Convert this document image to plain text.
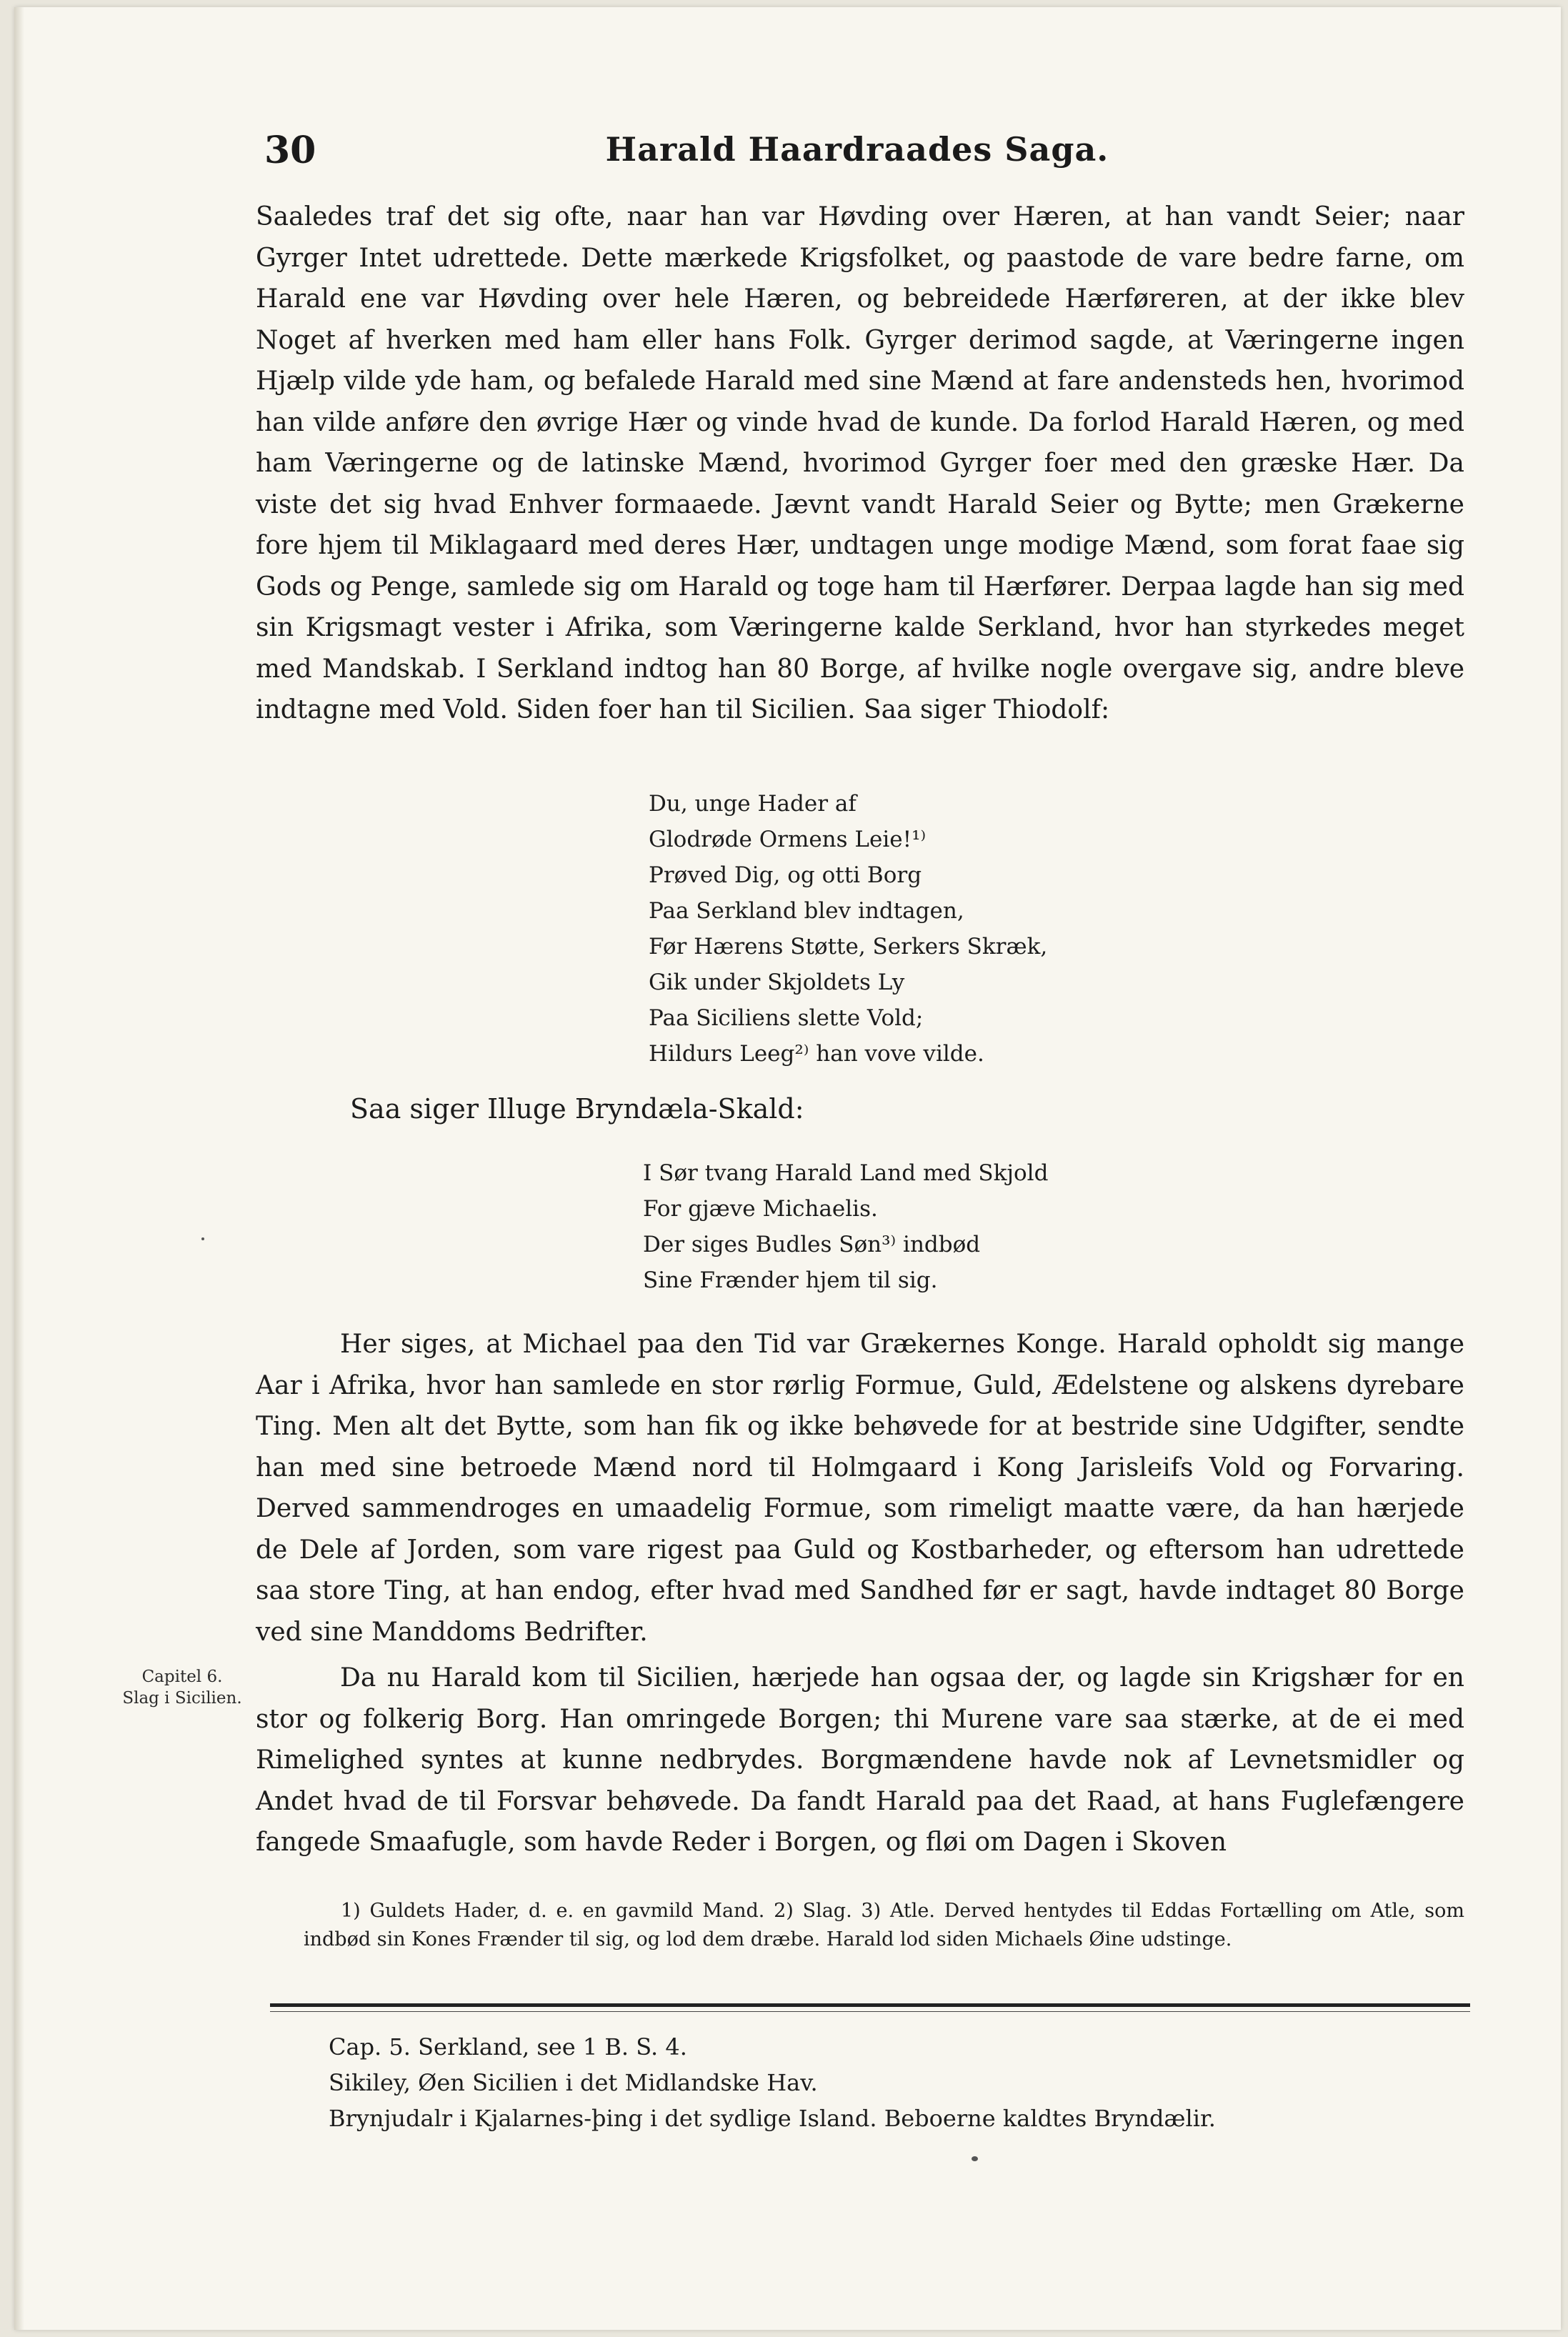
30	Harald Haardraades Saga.
Saaledes traf det sig ofte, naar han var Høvding over Hæren, at han vandt Seier; naar Gyrger Intet udrettede. Dette mærkede Krigsfolket, og paastode de vare bedre farne, om Harald ene var Høvding over hele Hæren, og bebreidede Hærføreren, at der ikke blev Noget af hverken med ham eller hans Folk. Gyrger derimod sagde, at Væringerne ingen Hjælp vilde yde ham, og befalede Harald med sine Mænd at fare andensteds hen, hvorimod han vilde anføre den øvrige Hær og vinde hvad de kunde. Da forlod Harald Hæren, og med ham Væringerne og de latinske Mænd, hvorimod Gyrger foer med den græske Hær. Da viste det sig hvad Enhver formaaede. Jævnt vandt Harald Seier og Bytte; men Grækerne fore hjem til Miklagaard med deres Hær, undtagen unge modige Mænd, som forat faae sig Gods og Penge, samlede sig om Harald og toge ham til Hærfører. Derpaa lagde han sig med sin Krigsmagt vester i Afrika, som Væringerne kalde Serkland, hvor han styrkedes meget med Mandskab. I Serkland indtog han 80 Borge, af hvilke nogle overgave sig, andre bleve indtagne med Vold. Siden foer han til Sicilien. Saa siger Thiodolf:
Du, unge Hader af
Glodrøde Ormens Leie!¹⁾
Prøved Dig, og otti Borg
Paa Serkland blev indtagen,
Før Hærens Støtte, Serkers Skræk,
Gik under Skjoldets Ly
Paa Siciliens slette Vold;
Hildurs Leeg²⁾ han vove vilde.
Saa siger Illuge Bryndæla-Skald:
I Sør tvang Harald Land med Skjold
For gjæve Michaelis.
Der siges Budles Søn³⁾ indbød
Sine Frænder hjem til sig.
Her siges, at Michael paa den Tid var Grækernes Konge. Harald opholdt sig mange Aar i Afrika, hvor han samlede en stor rørlig Formue, Guld, Ædelstene og alskens dyrebare Ting. Men alt det Bytte, som han fik og ikke behøvede for at bestride sine Udgifter, sendte han med sine betroede Mænd nord til Holmgaard i Kong Jarisleifs Vold og Forvaring. Derved sammendroges en umaadelig Formue, som rimeligt maatte være, da han hærjede de Dele af Jorden, som vare rigest paa Guld og Kostbarheder, og eftersom han udrettede saa store Ting, at han endog, efter hvad med Sandhed før er sagt, havde indtaget 80 Borge ved sine Manddoms Bedrifter.
Capitel 6.
Slag i Sicilien.
Da nu Harald kom til Sicilien, hærjede han ogsaa der, og lagde sin Krigshær for en stor og folkerig Borg. Han omringede Borgen; thi Murene vare saa stærke, at de ei med Rimelighed syntes at kunne nedbrydes. Borgmændene havde nok af Levnetsmidler og Andet hvad de til Forsvar behøvede. Da fandt Harald paa det Raad, at hans Fuglefængere fangede Smaafugle, som havde Reder i Borgen, og fløi om Dagen i Skoven
1) Guldets Hader, d. e. en gavmild Mand. 2) Slag. 3) Atle. Derved hentydes til Eddas Fortælling om Atle, som indbød sin Kones Frænder til sig, og lod dem dræbe. Harald lod siden Michaels Øine udstinge.
Cap. 5. Serkland, see 1 B. S. 4.
Sikiley, Øen Sicilien i det Midlandske Hav.
Brynjudalr i Kjalarnes-þing i det sydlige Island. Beboerne kaldtes Bryndælir.
